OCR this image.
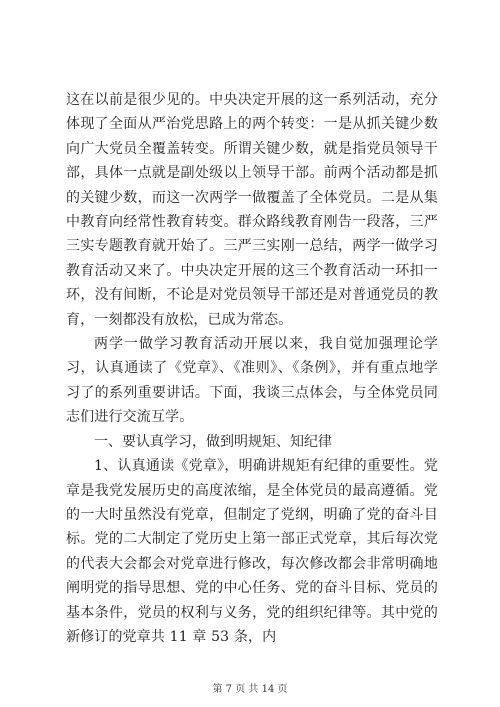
这在以前是很少见的。中央决定开展的这一系列活动，充分体现了全面从严治党思路上的两个转变：一是从抓关键少数向广大党员全覆盖转变。所谓关键少数，就是指党员领导干部，具体一点就是副处级以上领导干部。前两个活动都是抓的关键少数，而这一次两学一做覆盖了全体党员。二是从集中教育向经常性教育转变。群众路线教育刚告一段落，三严三实专题教育就开始了。三严三实刚一总结，两学一做学习教育活动又来了。中央决定开展的这三个教育活动一环扣一环，没有间断，不论是对党员领导干部还是对普通党员的教育，一刻都没有放松，已成为常态。

两学一做学习教育活动开展以来，我自觉加强理论学习，认真通读了《党章》、《准则》、《条例》，并有重点地学习了的系列重要讲话。下面，我谈三点体会，与全体党员同志们进行交流互学。

一、要认真学习，做到明规矩、知纪律

1、认真通读《党章》，明确讲规矩有纪律的重要性。党章是我党发展历史的高度浓缩，是全体党员的最高遵循。党的一大时虽然没有党章，但制定了党纲，明确了党的奋斗目标。党的二大制定了党历史上第一部正式党章，其后每次党的代表大会都会对党章进行修改，每次修改都会非常明确地阐明党的指导思想、党的中心任务、党的奋斗目标、党员的基本条件，党员的权利与义务，党的组织纪律等。其中党的新修订的党章共 11 章 53 条，内

第 7 页 共 14 页
